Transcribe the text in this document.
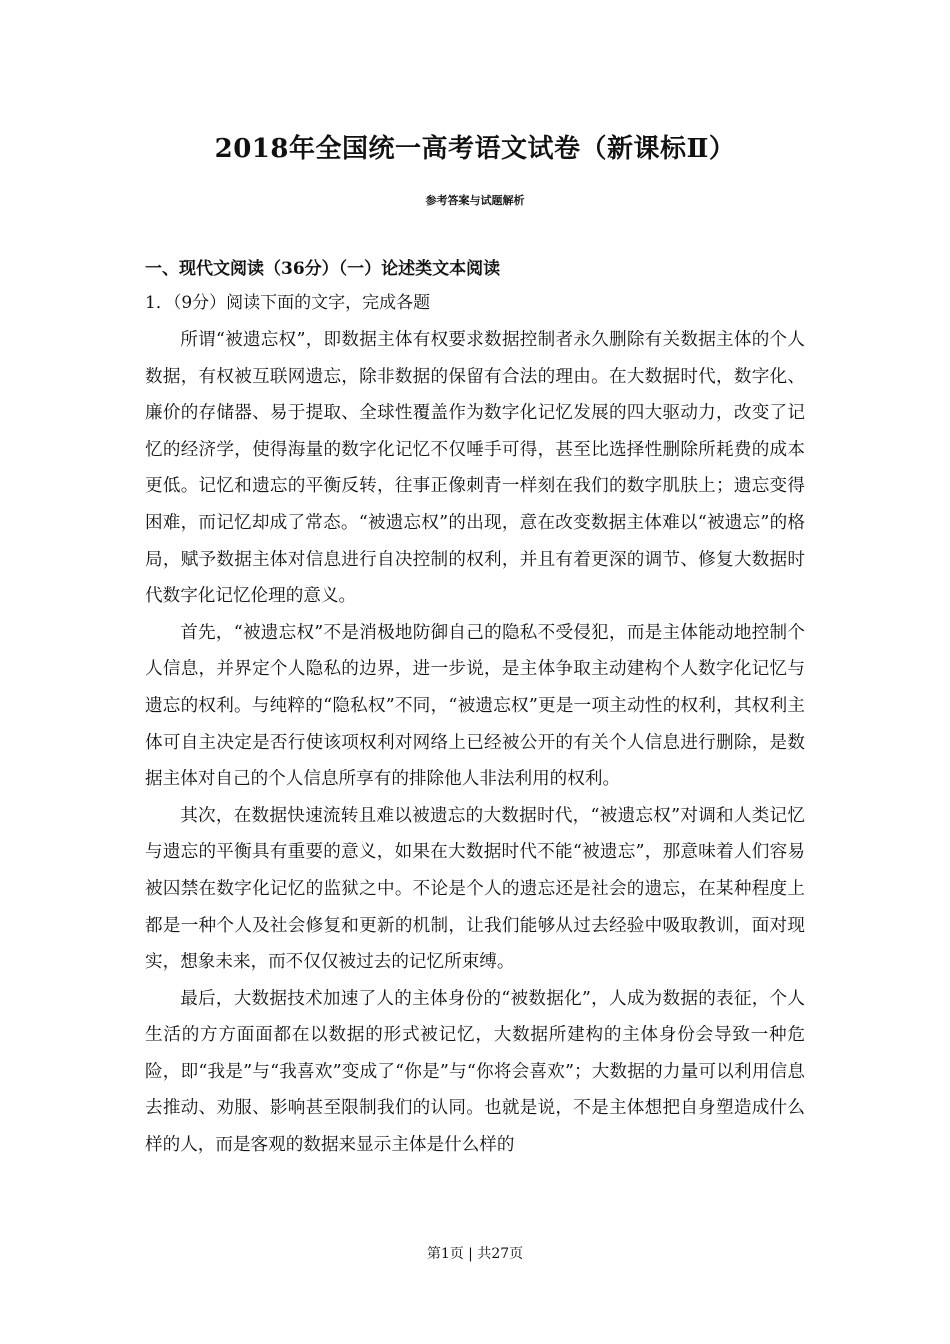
2018年全国统一高考语文试卷（新课标Ⅱ）
参考答案与试题解析
一、现代文阅读（36分）（一）论述类文本阅读
1．（9分）阅读下面的文字，完成各题

所谓“被遗忘权”，即数据主体有权要求数据控制者永久删除有关数据主体的个人数据，有权被互联网遗忘，除非数据的保留有合法的理由。在大数据时代，数字化、廉价的存储器、易于提取、全球性覆盖作为数字化记忆发展的四大驱动力，改变了记忆的经济学，使得海量的数字化记忆不仅唾手可得，甚至比选择性删除所耗费的成本更低。记忆和遗忘的平衡反转，往事正像刺青一样刻在我们的数字肌肤上；遗忘变得困难，而记忆却成了常态。“被遗忘权”的出现，意在改变数据主体难以“被遗忘”的格局，赋予数据主体对信息进行自决控制的权利，并且有着更深的调节、修复大数据时代数字化记忆伦理的意义。

首先，“被遗忘权”不是消极地防御自己的隐私不受侵犯，而是主体能动地控制个人信息，并界定个人隐私的边界，进一步说，是主体争取主动建构个人数字化记忆与遗忘的权利。与纯粹的“隐私权”不同，“被遗忘权”更是一项主动性的权利，其权利主体可自主决定是否行使该项权利对网络上已经被公开的有关个人信息进行删除，是数据主体对自己的个人信息所享有的排除他人非法利用的权利。

其次，在数据快速流转且难以被遗忘的大数据时代，“被遗忘权”对调和人类记忆与遗忘的平衡具有重要的意义，如果在大数据时代不能“被遗忘”，那意味着人们容易被囚禁在数字化记忆的监狱之中。不论是个人的遗忘还是社会的遗忘，在某种程度上都是一种个人及社会修复和更新的机制，让我们能够从过去经验中吸取教训，面对现实，想象未来，而不仅仅被过去的记忆所束缚。

最后，大数据技术加速了人的主体身份的“被数据化”，人成为数据的表征，个人生活的方方面面都在以数据的形式被记忆，大数据所建构的主体身份会导致一种危险，即“我是”与“我喜欢”变成了“你是”与“你将会喜欢”；大数据的力量可以利用信息去推动、劝服、影响甚至限制我们的认同。也就是说，不是主体想把自身塑造成什么样的人，而是客观的数据来显示主体是什么样的

第1页 | 共27页
